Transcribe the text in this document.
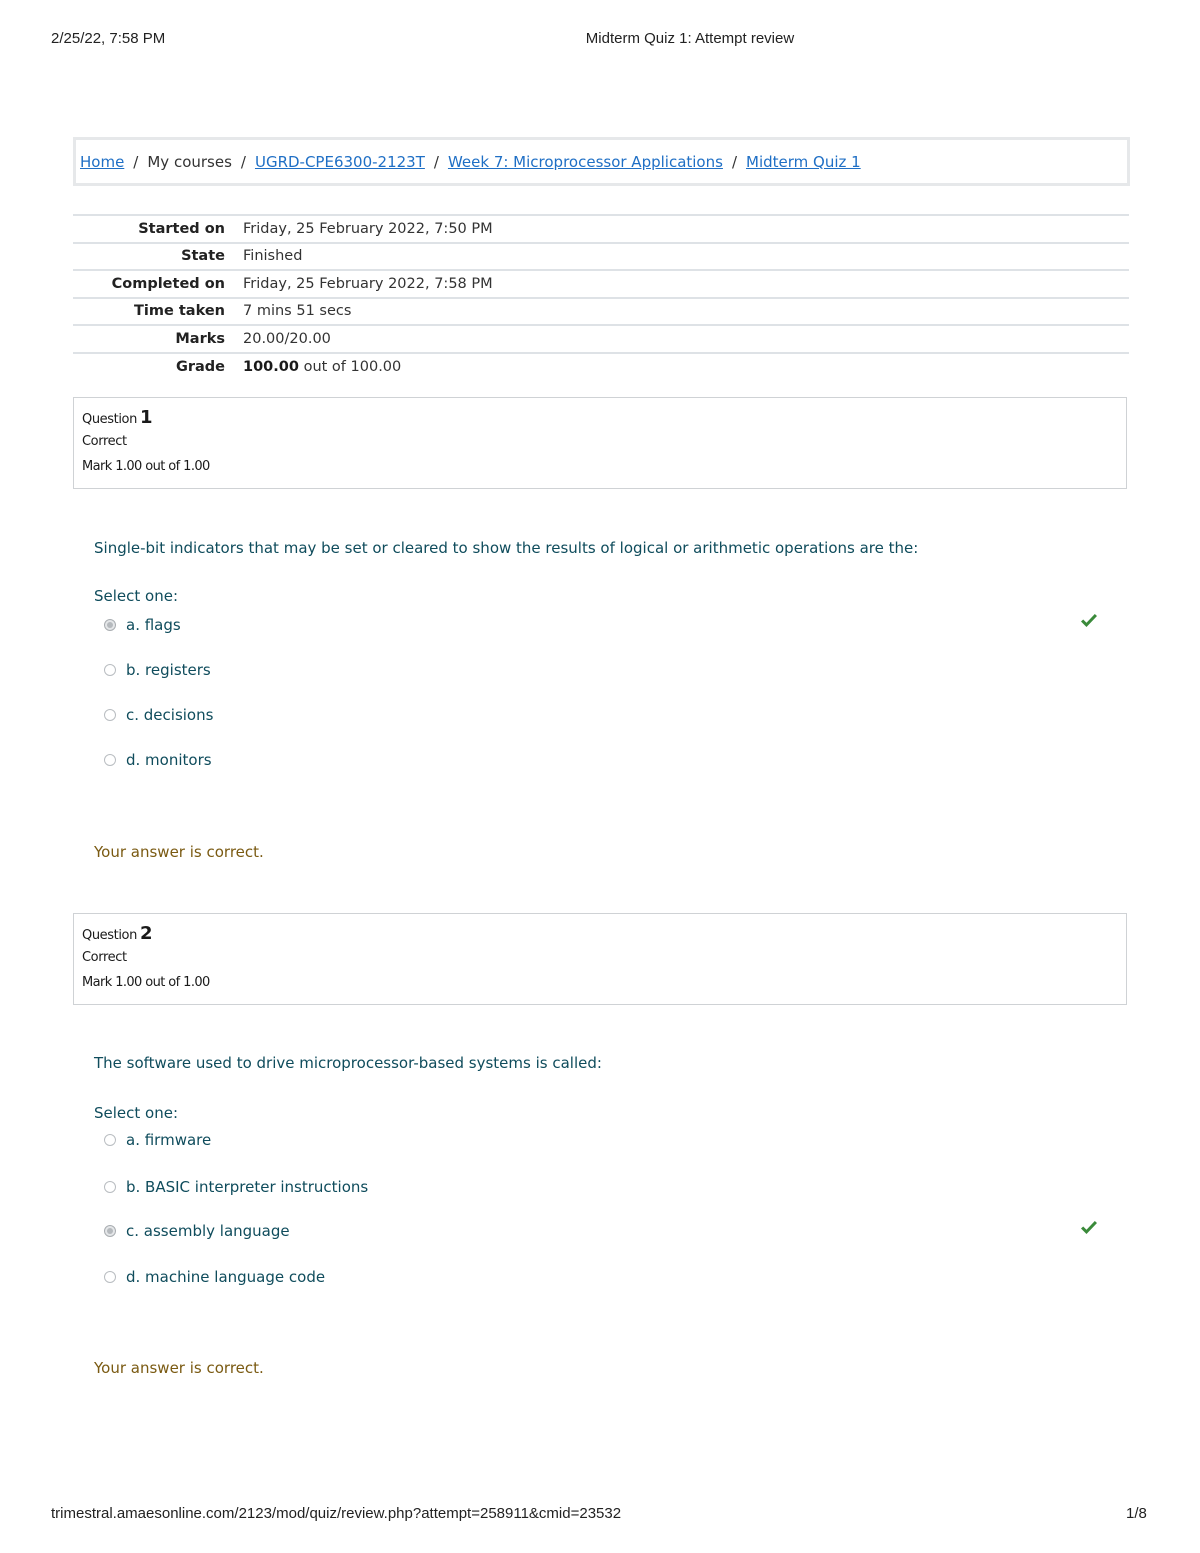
2/25/22, 7:58 PM	Midterm Quiz 1: Attempt review
Home / My courses / UGRD-CPE6300-2123T / Week 7: Microprocessor Applications / Midterm Quiz 1
Started on	Friday, 25 February 2022, 7:50 PM
State	Finished
Completed on	Friday, 25 February 2022, 7:58 PM
Time taken	7 mins 51 secs
Marks	20.00/20.00
Grade	100.00 out of 100.00
Question 1
Correct
Mark 1.00 out of 1.00
Single-bit indicators that may be set or cleared to show the results of logical or arithmetic operations are the:
Select one:
a. flags
b. registers
c. decisions
d. monitors
Your answer is correct.
Question 2
Correct
Mark 1.00 out of 1.00
The software used to drive microprocessor-based systems is called:
Select one:
a. firmware
b. BASIC interpreter instructions
c. assembly language
d. machine language code
Your answer is correct.
trimestral.amaesonline.com/2123/mod/quiz/review.php?attempt=258911&cmid=23532	1/8
